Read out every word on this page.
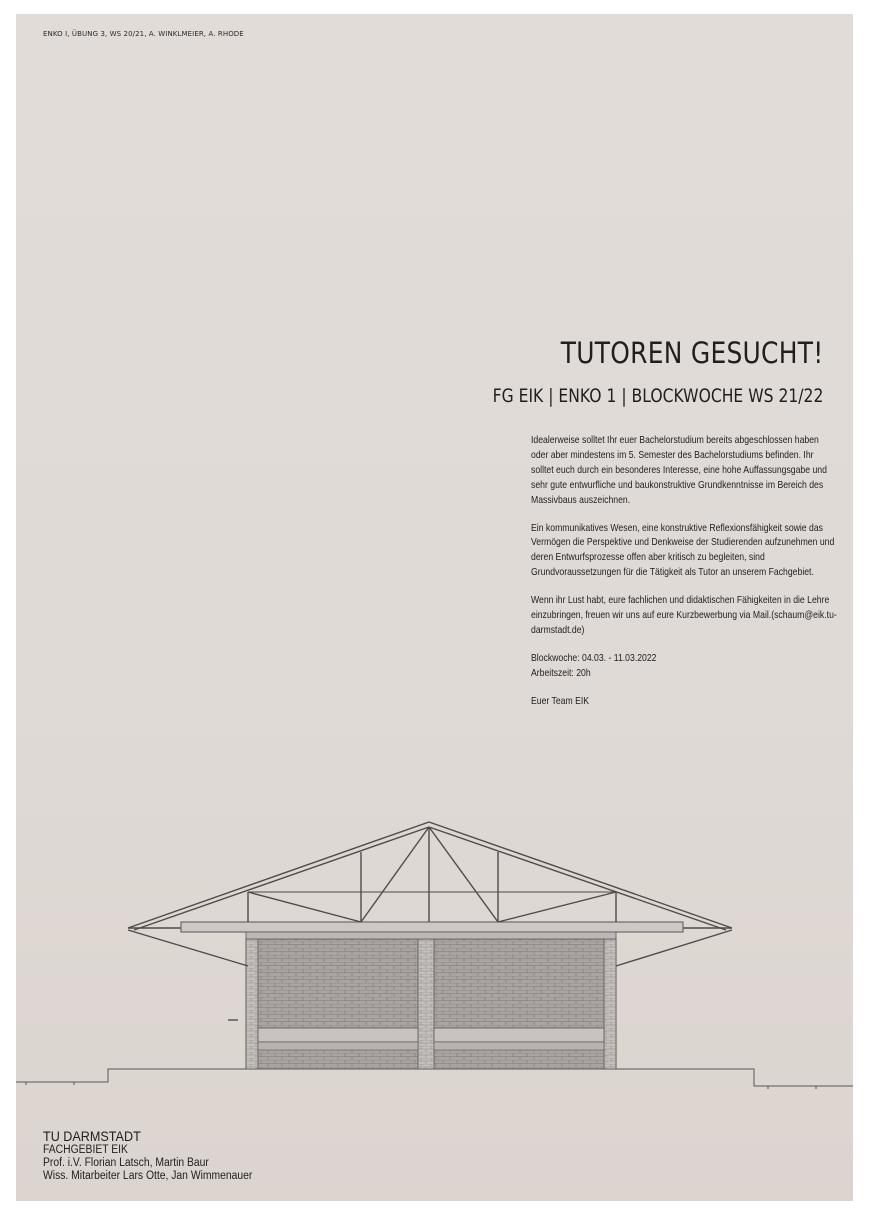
ENKO I, ÜBUNG 3, WS 20/21, A. WINKLMEIER, A. RHODE
TUTOREN GESUCHT!
FG EIK | ENKO 1 | BLOCKWOCHE WS 21/22

Idealerweise solltet Ihr euer Bachelorstudium bereits abgeschlossen haben oder aber mindestens im 5. Semester des Bachelorstudiums befinden. Ihr solltet euch durch ein besonderes Interesse, eine hohe Auffassungsgabe und sehr gute entwurfliche und baukonstruktive Grundkenntnisse im Bereich des Massivbaus auszeichnen.

Ein kommunikatives Wesen, eine konstruktive Reflexionsfähigkeit sowie das Vermögen die Perspektive und Denkweise der Studierenden aufzunehmen und deren Entwurfsprozesse offen aber kritisch zu begleiten, sind Grundvoraussetzungen für die Tätigkeit als Tutor an unserem Fachgebiet.

Wenn ihr Lust habt, eure fachlichen und didaktischen Fähigkeiten in die Lehre einzubringen, freuen wir uns auf eure Kurzbewerbung via Mail.(schaum@eik.tu-darmstadt.de)

Blockwoche: 04.03. - 11.03.2022

Arbeitszeit: 20h

Euer Team EIK

TU DARMSTADT
FACHGEBIET EIK
Prof. i.V. Florian Latsch, Martin Baur
Wiss. Mitarbeiter Lars Otte, Jan Wimmenauer
